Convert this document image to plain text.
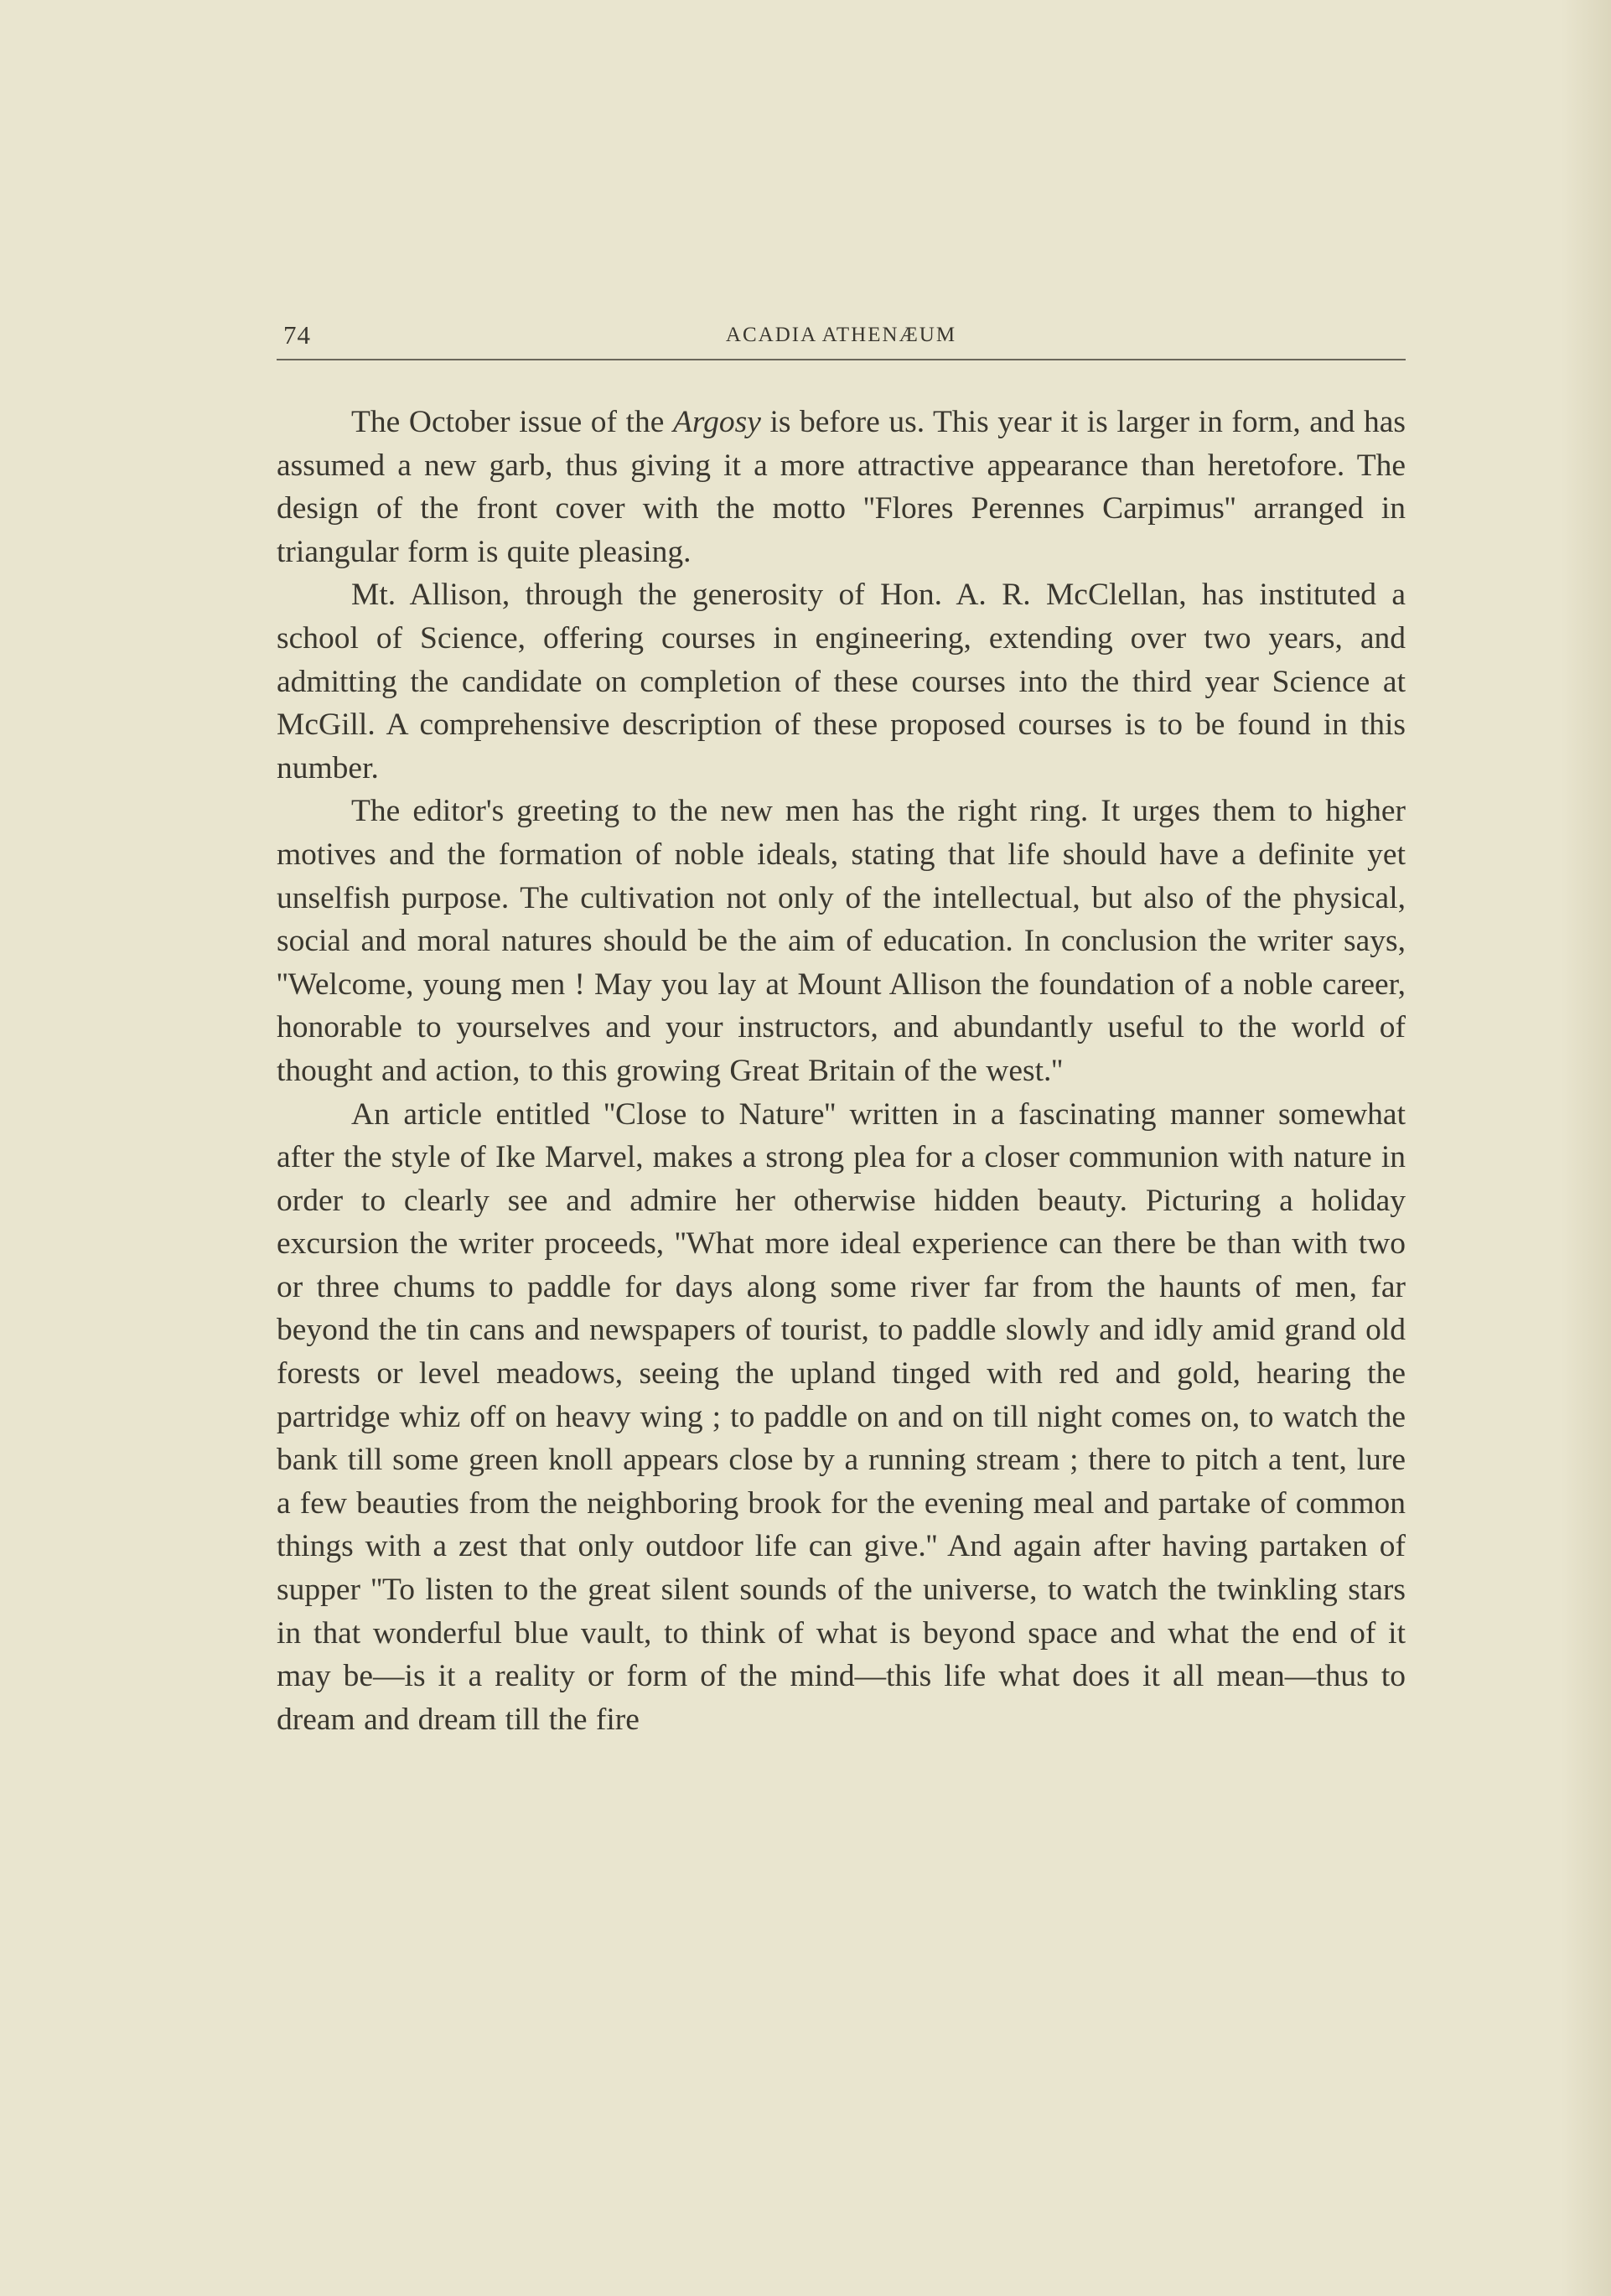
74	ACADIA ATHENÆUM

The October issue of the Argosy is before us. This year it is larger in form, and has assumed a new garb, thus giving it a more attractive appearance than heretofore. The design of the front cover with the motto ''Flores Perennes Carpimus'' arranged in triangular form is quite pleasing.

Mt. Allison, through the generosity of Hon. A. R. McClellan, has instituted a school of Science, offering courses in engineering, extending over two years, and admitting the candidate on completion of these courses into the third year Science at McGill. A comprehensive description of these proposed courses is to be found in this number.

The editor's greeting to the new men has the right ring. It urges them to higher motives and the formation of noble ideals, stating that life should have a definite yet unselfish purpose. The cultivation not only of the intellectual, but also of the physical, social and moral natures should be the aim of education. In conclusion the writer says, ''Welcome, young men ! May you lay at Mount Allison the foundation of a noble career, honorable to yourselves and your instructors, and abundantly useful to the world of thought and action, to this growing Great Britain of the west.''

An article entitled ''Close to Nature'' written in a fascinating manner somewhat after the style of Ike Marvel, makes a strong plea for a closer communion with nature in order to clearly see and admire her otherwise hidden beauty. Picturing a holiday excursion the writer proceeds, ''What more ideal experience can there be than with two or three chums to paddle for days along some river far from the haunts of men, far beyond the tin cans and newspapers of tourist, to paddle slowly and idly amid grand old forests or level meadows, seeing the upland tinged with red and gold, hearing the partridge whiz off on heavy wing ; to paddle on and on till night comes on, to watch the bank till some green knoll appears close by a running stream ; there to pitch a tent, lure a few beauties from the neighboring brook for the evening meal and partake of common things with a zest that only outdoor life can give.'' And again after having partaken of supper ''To listen to the great silent sounds of the universe, to watch the twinkling stars in that wonderful blue vault, to think of what is beyond space and what the end of it may be—is it a reality or form of the mind—this life what does it all mean—thus to dream and dream till the fire
